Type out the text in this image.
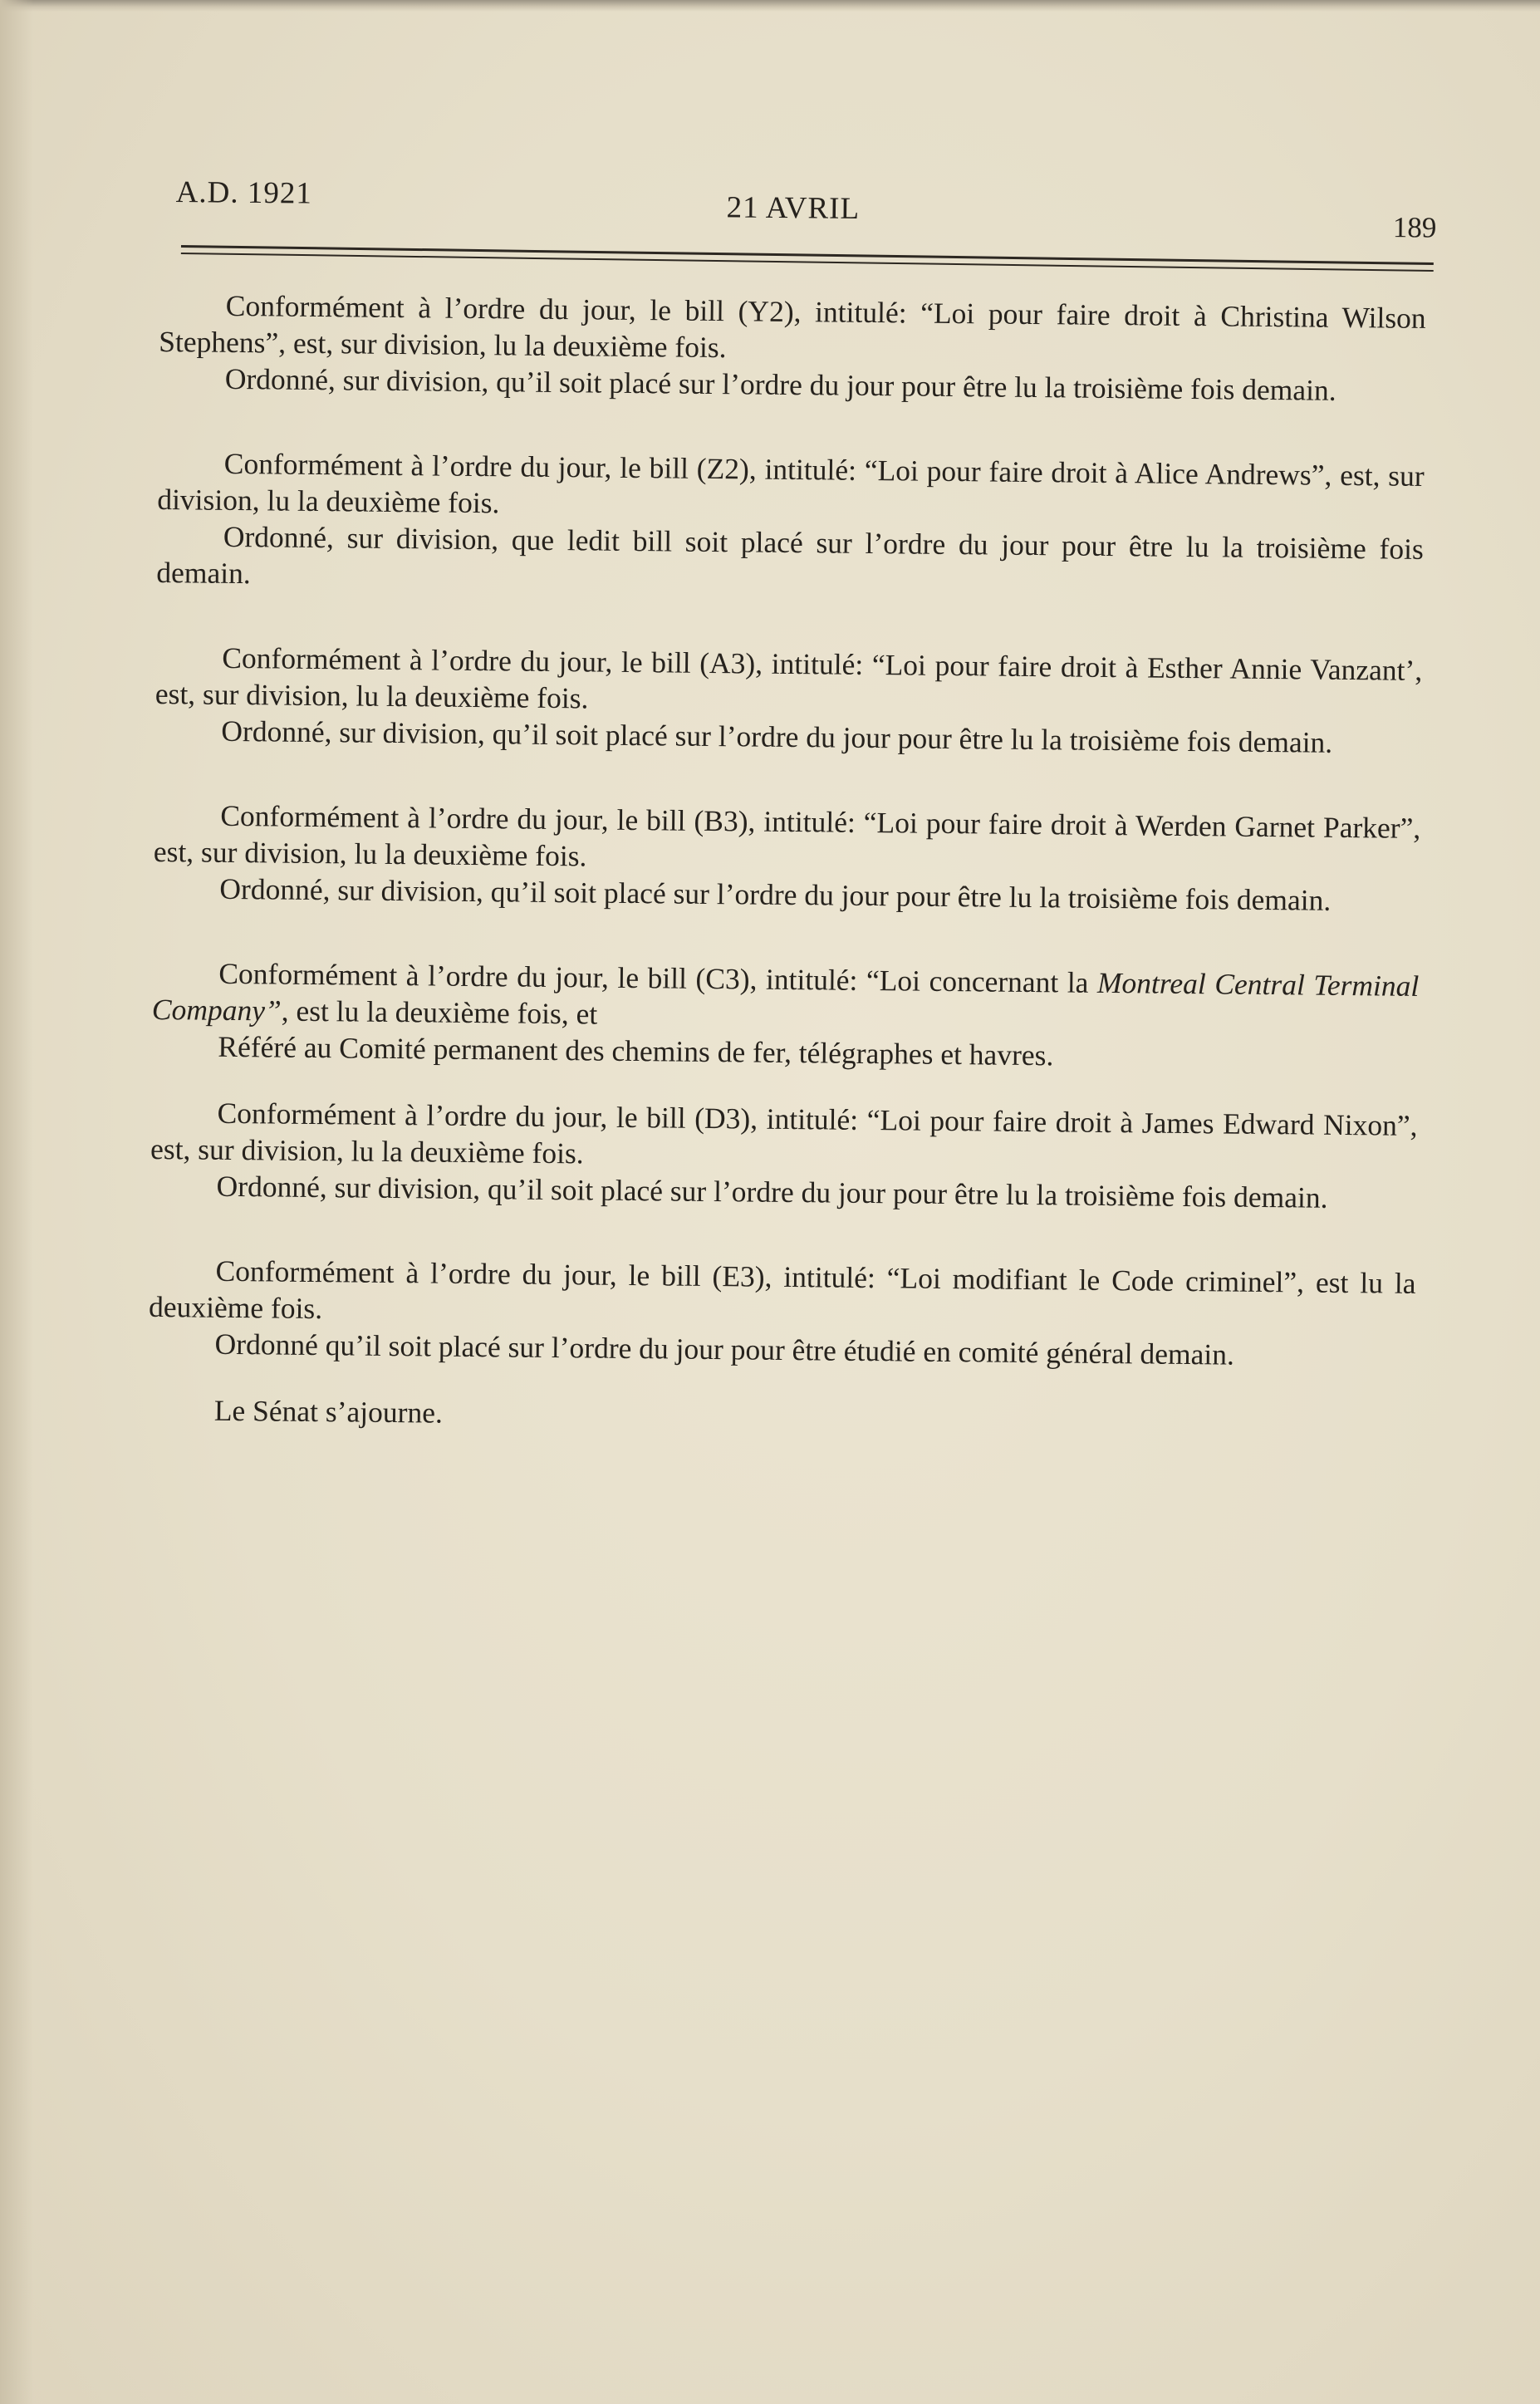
A.D. 1921	21 AVRIL
189

Conformément à l’ordre du jour, le bill (Y2), intitulé: “Loi pour faire droit à Christina Wilson Stephens”, est, sur division, lu la deuxième fois.

Ordonné, sur division, qu’il soit placé sur l’ordre du jour pour être lu la troisième fois demain.

Conformément à l’ordre du jour, le bill (Z2), intitulé: “Loi pour faire droit à Alice Andrews”, est, sur division, lu la deuxième fois.

Ordonné, sur division, que ledit bill soit placé sur l’ordre du jour pour être lu la troisième fois demain.

Conformément à l’ordre du jour, le bill (A3), intitulé: “Loi pour faire droit à Esther Annie Vanzant’, est, sur division, lu la deuxième fois.

Ordonné, sur division, qu’il soit placé sur l’ordre du jour pour être lu la troisième fois demain.

Conformément à l’ordre du jour, le bill (B3), intitulé: “Loi pour faire droit à Werden Garnet Parker”, est, sur division, lu la deuxième fois.

Ordonné, sur division, qu’il soit placé sur l’ordre du jour pour être lu la troisième fois demain.

Conformément à l’ordre du jour, le bill (C3), intitulé: “Loi concernant la Montreal Central Terminal Company”, est lu la deuxième fois, et

Référé au Comité permanent des chemins de fer, télégraphes et havres.

Conformément à l’ordre du jour, le bill (D3), intitulé: “Loi pour faire droit à James Edward Nixon”, est, sur division, lu la deuxième fois.

Ordonné, sur division, qu’il soit placé sur l’ordre du jour pour être lu la troisième fois demain.

Conformément à l’ordre du jour, le bill (E3), intitulé: “Loi modifiant le Code criminel”, est lu la deuxième fois.

Ordonné qu’il soit placé sur l’ordre du jour pour être étudié en comité général demain.

Le Sénat s’ajourne.
